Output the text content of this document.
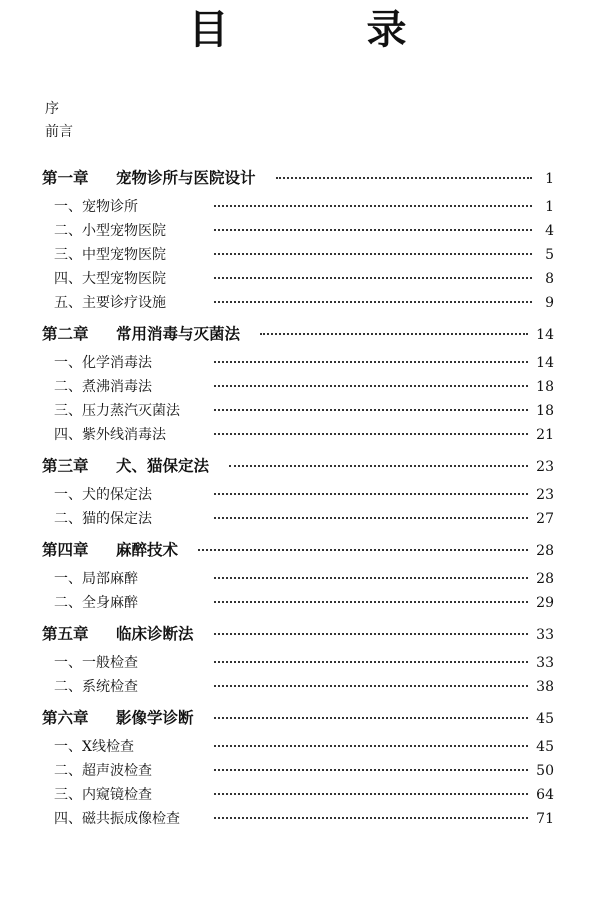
目 录
序
前言
第一章	宠物诊所与医院设计	1
一、宠物诊所	1
二、小型宠物医院	4
三、中型宠物医院	5
四、大型宠物医院	8
五、主要诊疗设施	9
第二章	常用消毒与灭菌法	14
一、化学消毒法	14
二、煮沸消毒法	18
三、压力蒸汽灭菌法	18
四、紫外线消毒法	21
第三章	犬、猫保定法	23
一、犬的保定法	23
二、猫的保定法	27
第四章	麻醉技术	28
一、局部麻醉	28
二、全身麻醉	29
第五章	临床诊断法	33
一、一般检查	33
二、系统检查	38
第六章	影像学诊断	45
一、X线检查	45
二、超声波检查	50
三、内窥镜检查	64
四、磁共振成像检查	71
